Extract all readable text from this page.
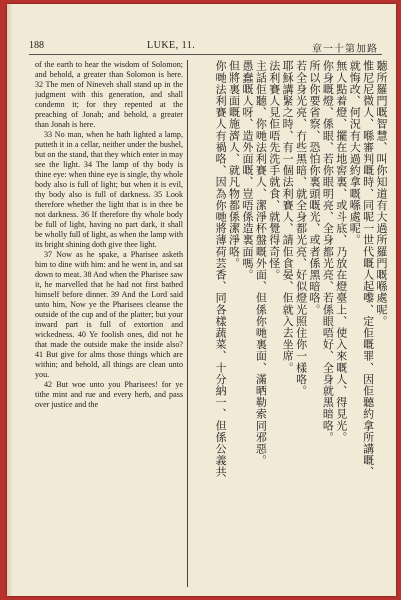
188	LUKE, 11.	章一十第加路

of the earth to hear the wisdom of Solomon; and behold, a greater than Solomon is here. 32 The men of Nineveh shall stand up in the judgment with this generation, and shall condemn it; for they repented at the preaching of Jonah; and behold, a greater than Jonah is here.

33 No man, when he hath lighted a lamp, putteth it in a cellar, neither under the bushel, but on the stand, that they which enter in may see the light. 34 The lamp of thy body is thine eye: when thine eye is single, thy whole body also is full of light; but when it is evil, thy body also is full of darkness. 35 Look therefore whether the light that is in thee be not darkness. 36 If therefore thy whole body be full of light, having no part dark, it shall be wholly full of light, as when the lamp with its bright shining doth give thee light.

37 Now as he spake, a Pharisee asketh him to dine with him: and he went in, and sat down to meat. 38 And when the Pharisee saw it, he marvelled that he had not first bathed himself before dinner. 39 And the Lord said unto him, Now ye the Pharisees cleanse the outside of the cup and of the platter; but your inward part is full of extortion and wickedness. 40 Ye foolish ones, did not he that made the outside make the inside also? 41 But give for alms those things which are within; and behold, all things are clean unto you.

42 But woe unto you Pharisees! for ye tithe mint and rue and every herb, and pass over justice and the

聽所羅門嘅智慧、叫你知道有大過所羅門嘅喺處呢。

惟尼尼微人、喺審判嘅時、同呢一世代嘅人起嚟、定佢嘅罪、因佢聽約拿所講嘅、

就悔改、何況有大過約拿嘅喺處呢。

無人點着燈、擺在地窖裏、或斗底、乃放在燈臺上、使入來嘅人、得見光。

你身嘅燈、係眼、若你眼明亮、全身都光亮、若係眼唔好、全身就黑暗咯。

所以你要省察、恐怕你裏頭嘅光、或者係黑暗咯。

若全身光亮、冇些黑暗、就全身都光亮、好似燈光照住你一樣咯。

耶穌講緊之時、有一個法利賽人、請佢食晏、佢就入去坐席。

法利賽人見佢唔先洗手就食、就覺得奇怪。

主話佢聽、你哋法利賽人、潔淨杯盤嘅外面、但係你哋裏面、滿晒勒索同邪惡。

愚蠢嘅人呀、造外面嘅、豈唔係造裏面嗎。

但將裏面嘅施濟人、就凡物都係潔淨咯。

你哋法利賽人有禍咯、因為你哋將薄荷芸香、同各樣蔬菜、十分納一、但係公義共
